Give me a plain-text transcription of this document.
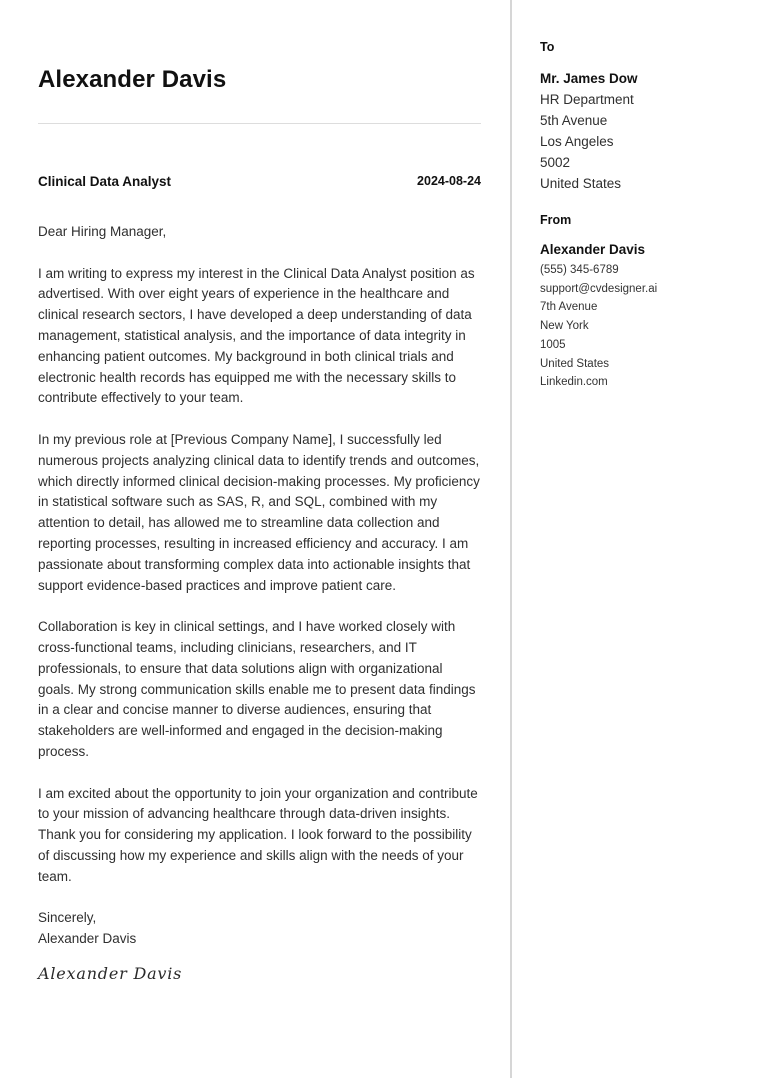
Alexander Davis
Clinical Data Analyst	2024-08-24

Dear Hiring Manager,

I am writing to express my interest in the Clinical Data Analyst position as advertised. With over eight years of experience in the healthcare and clinical research sectors, I have developed a deep understanding of data management, statistical analysis, and the importance of data integrity in enhancing patient outcomes. My background in both clinical trials and electronic health records has equipped me with the necessary skills to contribute effectively to your team.

In my previous role at [Previous Company Name], I successfully led numerous projects analyzing clinical data to identify trends and outcomes, which directly informed clinical decision-making processes. My proficiency in statistical software such as SAS, R, and SQL, combined with my attention to detail, has allowed me to streamline data collection and reporting processes, resulting in increased efficiency and accuracy. I am passionate about transforming complex data into actionable insights that support evidence-based practices and improve patient care.

Collaboration is key in clinical settings, and I have worked closely with cross-functional teams, including clinicians, researchers, and IT professionals, to ensure that data solutions align with organizational goals. My strong communication skills enable me to present data findings in a clear and concise manner to diverse audiences, ensuring that stakeholders are well-informed and engaged in the decision-making process.

I am excited about the opportunity to join your organization and contribute to your mission of advancing healthcare through data-driven insights. Thank you for considering my application. I look forward to the possibility of discussing how my experience and skills align with the needs of your team.

Sincerely,
Alexander Davis
Alexander Davis
To
Mr. James Dow
HR Department
5th Avenue
Los Angeles
5002
United States
From
Alexander Davis
(555) 345-6789
support@cvdesigner.ai
7th Avenue
New York
1005
United States
Linkedin.com
